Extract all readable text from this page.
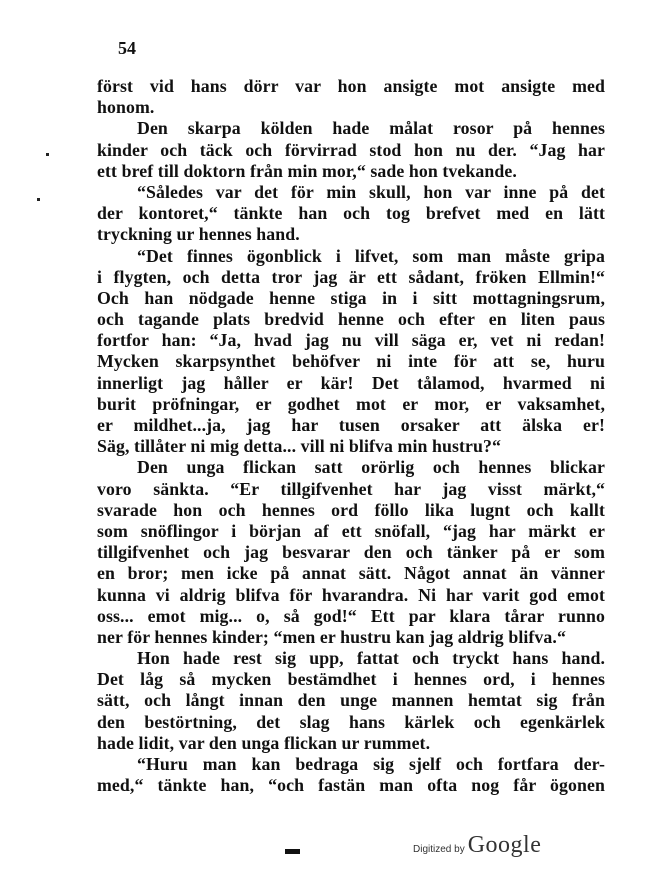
54
först vid hans dörr var hon ansigte mot ansigte med
honom.
Den skarpa kölden hade målat rosor på hennes
kinder och täck och förvirrad stod hon nu der. “Jag har
ett bref till doktorn från min mor,“ sade hon tvekande.
“Således var det för min skull, hon var inne på det
der kontoret,“ tänkte han och tog brefvet med en lätt
tryckning ur hennes hand.
“Det finnes ögonblick i lifvet, som man måste gripa
i flygten, och detta tror jag är ett sådant, fröken Ellmin!“
Och han nödgade henne stiga in i sitt mottagningsrum,
och tagande plats bredvid henne och efter en liten paus
fortfor han: “Ja, hvad jag nu vill säga er, vet ni redan!
Mycken skarpsynthet behöfver ni inte för att se, huru
innerligt jag håller er kär! Det tålamod, hvarmed ni
burit pröfningar, er godhet mot er mor, er vaksamhet,
er mildhet...ja, jag har tusen orsaker att älska er!
Säg, tillåter ni mig detta... vill ni blifva min hustru?“
Den unga flickan satt orörlig och hennes blickar
voro sänkta. “Er tillgifvenhet har jag visst märkt,“
svarade hon och hennes ord föllo lika lugnt och kallt
som snöflingor i början af ett snöfall, “jag har märkt er
tillgifvenhet och jag besvarar den och tänker på er som
en bror; men icke på annat sätt. Något annat än vänner
kunna vi aldrig blifva för hvarandra. Ni har varit god emot
oss... emot mig... o, så god!“ Ett par klara tårar runno
ner för hennes kinder; “men er hustru kan jag aldrig blifva.“
Hon hade rest sig upp, fattat och tryckt hans hand.
Det låg så mycken bestämdhet i hennes ord, i hennes
sätt, och långt innan den unge mannen hemtat sig från
den bestörtning, det slag hans kärlek och egenkärlek
hade lidit, var den unga flickan ur rummet.
“Huru man kan bedraga sig sjelf och fortfara der-
med,“ tänkte han, “och fastän man ofta nog får ögonen
Digitized by Google
